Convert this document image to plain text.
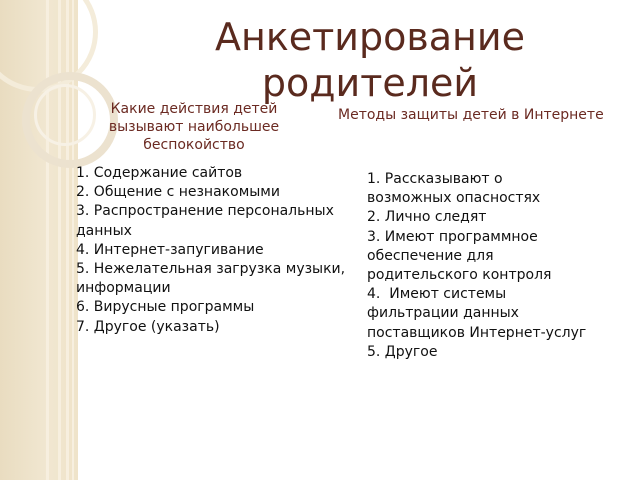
Анкетирование родителей

Какие действия детей вызывают наибольшее беспокойство

Методы защиты детей в Интернете

1. Содержание сайтов
2. Общение с незнакомыми
3. Распространение персональных    данных
4. Интернет-запугивание
5. Нежелательная загрузка музыки, информации
6. Вирусные программы
7. Другое (указать)
1. Рассказывают о возможных опасностях
2. Лично следят
3. Имеют программное обеспечение для родительского контроля
4.  Имеют системы фильтрации данных поставщиков Интернет-услуг
5. Другое
